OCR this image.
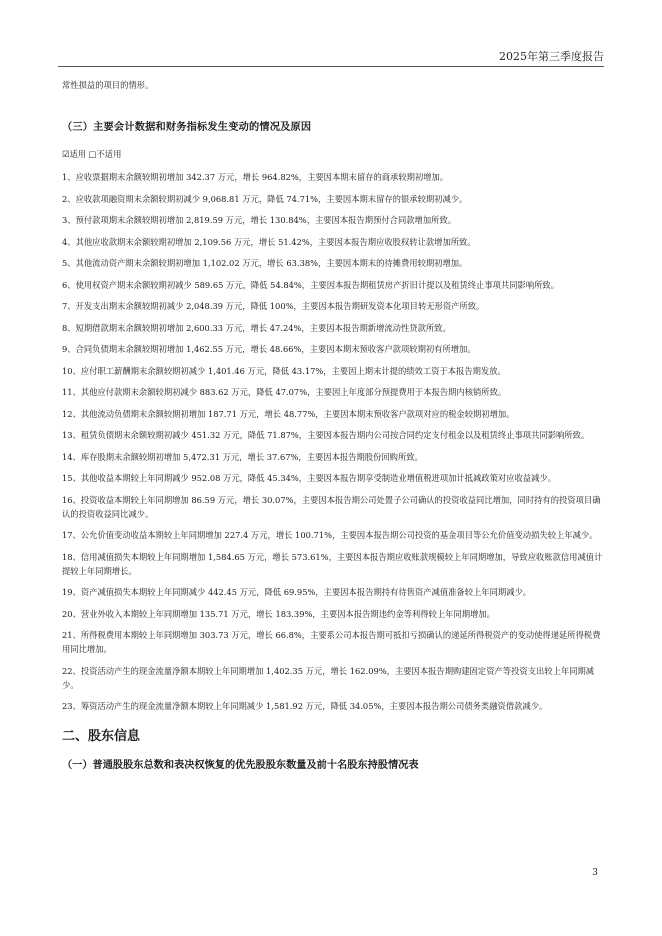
2025年第三季度报告

常性损益的项目的情形。

（三）主要会计数据和财务指标发生变动的情况及原因

☑适用 □不适用

1、应收票据期末余额较期初增加 342.37 万元，增长 964.82%，主要因本期末留存的商承较期初增加。

2、应收款项融资期末余额较期初减少 9,068.81 万元，降低 74.71%，主要因本期末留存的银承较期初减少。

3、预付款项期末余额较期初增加 2,819.59 万元，增长 130.84%，主要因本报告期预付合同款增加所致。

4、其他应收款期末余额较期初增加 2,109.56 万元，增长 51.42%，主要因本报告期应收股权转让款增加所致。

5、其他流动资产期末余额较期初增加 1,102.02 万元，增长 63.38%，主要因本期末的待摊费用较期初增加。

6、使用权资产期末余额较期初减少 589.65 万元，降低 54.84%，主要因本报告期租赁房产折旧计提以及租赁终止事项共同影响所致。

7、开发支出期末余额较期初减少 2,048.39 万元，降低 100%，主要因本报告期研发资本化项目转无形资产所致。

8、短期借款期末余额较期初增加 2,600.33 万元，增长 47.24%，主要因本报告期新增流动性贷款所致。

9、合同负债期末余额较期初增加 1,462.55 万元，增长 48.66%，主要因本期末预收客户款项较期初有所增加。

10、应付职工薪酬期末余额较期初减少 1,401.46 万元，降低 43.17%，主要因上期末计提的绩效工资于本报告期发放。

11、其他应付款期末余额较期初减少 883.62 万元，降低 47.07%，主要因上年度部分预提费用于本报告期内核销所致。

12、其他流动负债期末余额较期初增加 187.71 万元，增长 48.77%，主要因本期末预收客户款项对应的税金较期初增加。

13、租赁负债期末余额较期初减少 451.32 万元，降低 71.87%，主要因本报告期内公司按合同约定支付租金以及租赁终止事项共同影响所致。

14、库存股期末余额较期初增加 5,472.31 万元，增长 37.67%，主要因本报告期股份回购所致。

15、其他收益本期较上年同期减少 952.08 万元，降低 45.34%，主要因本报告期享受制造业增值税进项加计抵减政策对应收益减少。

16、投资收益本期较上年同期增加 86.59 万元，增长 30.07%，主要因本报告期公司处置子公司确认的投资收益同比增加，同时持有的投资项目确认的投资收益同比减少。

17、公允价值变动收益本期较上年同期增加 227.4 万元，增长 100.71%，主要因本报告期公司投资的基金项目等公允价值变动损失较上年减少。

18、信用减值损失本期较上年同期增加 1,584.65 万元，增长 573.61%，主要因本报告期应收账款规模较上年同期增加，导致应收账款信用减值计提较上年同期增长。

19、资产减值损失本期较上年同期减少 442.45 万元，降低 69.95%，主要因本报告期持有待售资产减值准备较上年同期减少。

20、营业外收入本期较上年同期增加 135.71 万元，增长 183.39%，主要因本报告期违约金等利得较上年同期增加。

21、所得税费用本期较上年同期增加 303.73 万元，增长 66.8%，主要系公司本报告期可抵扣亏损确认的递延所得税资产的变动使得递延所得税费用同比增加。

22、投资活动产生的现金流量净额本期较上年同期增加 1,402.35 万元，增长 162.09%，主要因本报告期购建固定资产等投资支出较上年同期减少。

23、筹资活动产生的现金流量净额本期较上年同期减少 1,581.92 万元，降低 34.05%，主要因本报告期公司债务类融资借款减少。

二、股东信息

（一）普通股股东总数和表决权恢复的优先股股东数量及前十名股东持股情况表

3
